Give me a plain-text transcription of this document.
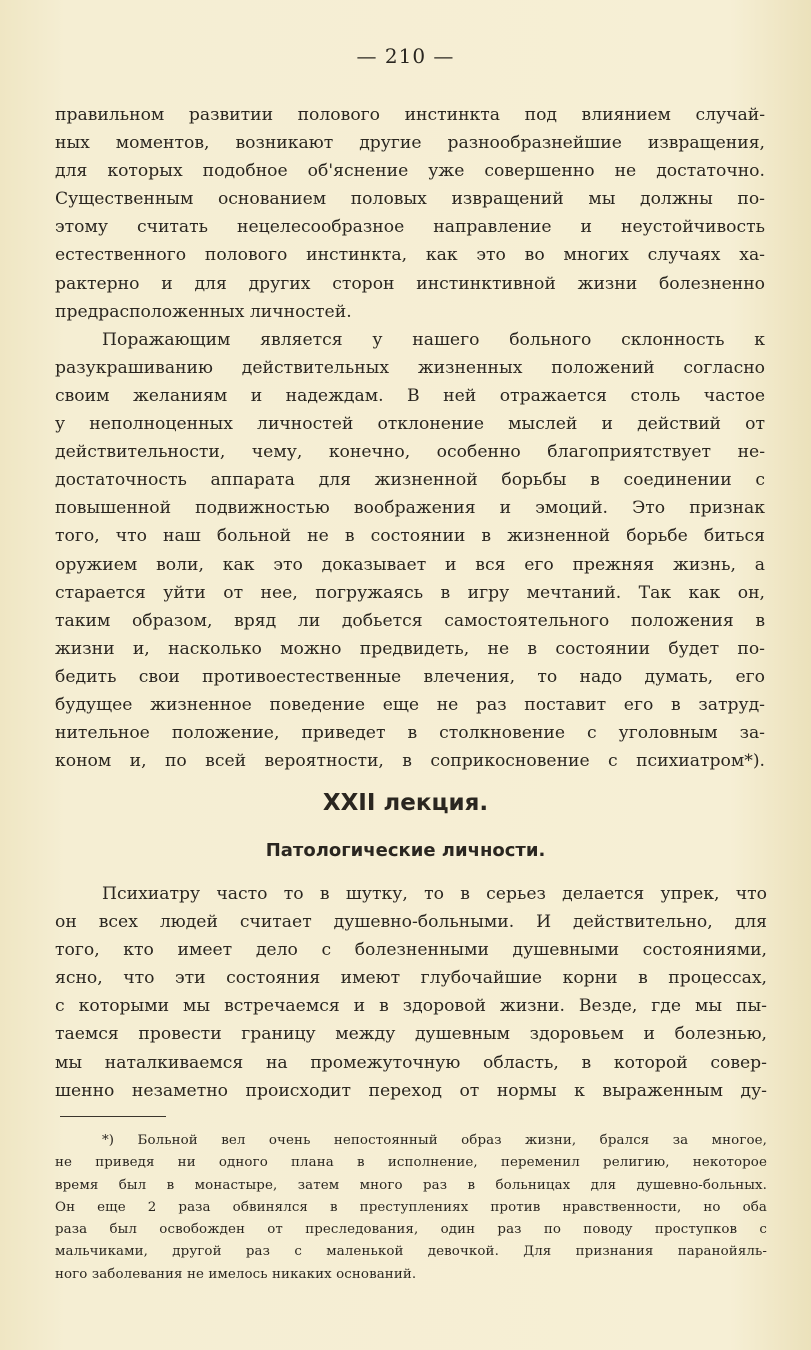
— 210 —

правильном развитии полового инстинкта под влиянием случай-
ных моментов, возникают другие разнообразнейшие извращения,
для которых подобное об'яснение уже совершенно не достаточно.
Существенным основанием половых извращений мы должны по-
этому считать нецелесообразное направление и неустойчивость
естественного полового инстинкта, как это во многих случаях ха-
рактерно и для других сторон инстинктивной жизни болезненно
предрасположенных личностей.

Поражающим является у нашего больного склонность к
разукрашиванию действительных жизненных положений согласно
своим желаниям и надеждам. В ней отражается столь частое
у неполноценных личностей отклонение мыслей и действий от
действительности, чему, конечно, особенно благоприятствует не-
достаточность аппарата для жизненной борьбы в соединении с
повышенной подвижностью воображения и эмоций. Это признак
того, что наш больной не в состоянии в жизненной борьбе биться
оружием воли, как это доказывает и вся его прежняя жизнь, а
старается уйти от нее, погружаясь в игру мечтаний. Так как он,
таким образом, вряд ли добьется самостоятельного положения в
жизни и, насколько можно предвидеть, не в состоянии будет по-
бедить свои противоестественные влечения, то надо думать, его
будущее жизненное поведение еще не раз поставит его в затруд-
нительное положение, приведет в столкновение с уголовным за-
коном и, по всей вероятности, в соприкосновение с психиатром*).

XXII лекция.
Патологические личности.

Психиатру часто то в шутку, то в серьез делается упрек, что
он всех людей считает душевно-больными. И действительно, для
того, кто имеет дело с болезненными душевными состояниями,
ясно, что эти состояния имеют глубочайшие корни в процессах,
с которыми мы встречаемся и в здоровой жизни. Везде, где мы пы-
таемся провести границу между душевным здоровьем и болезнью,
мы наталкиваемся на промежуточную область, в которой совер-
шенно незаметно происходит переход от нормы к выраженным ду-

*) Больной вел очень непостоянный образ жизни, брался за многое,
не приведя ни одного плана в исполнение, переменил религию, некоторое
время был в монастыре, затем много раз в больницах для душевно-больных.
Он еще 2 раза обвинялся в преступлениях против нравственности, но оба
раза был освобожден от преследования, один раз по поводу проступков с
мальчиками, другой раз с маленькой девочкой. Для признания паранойяль-
ного заболевания не имелось никаких оснований.
